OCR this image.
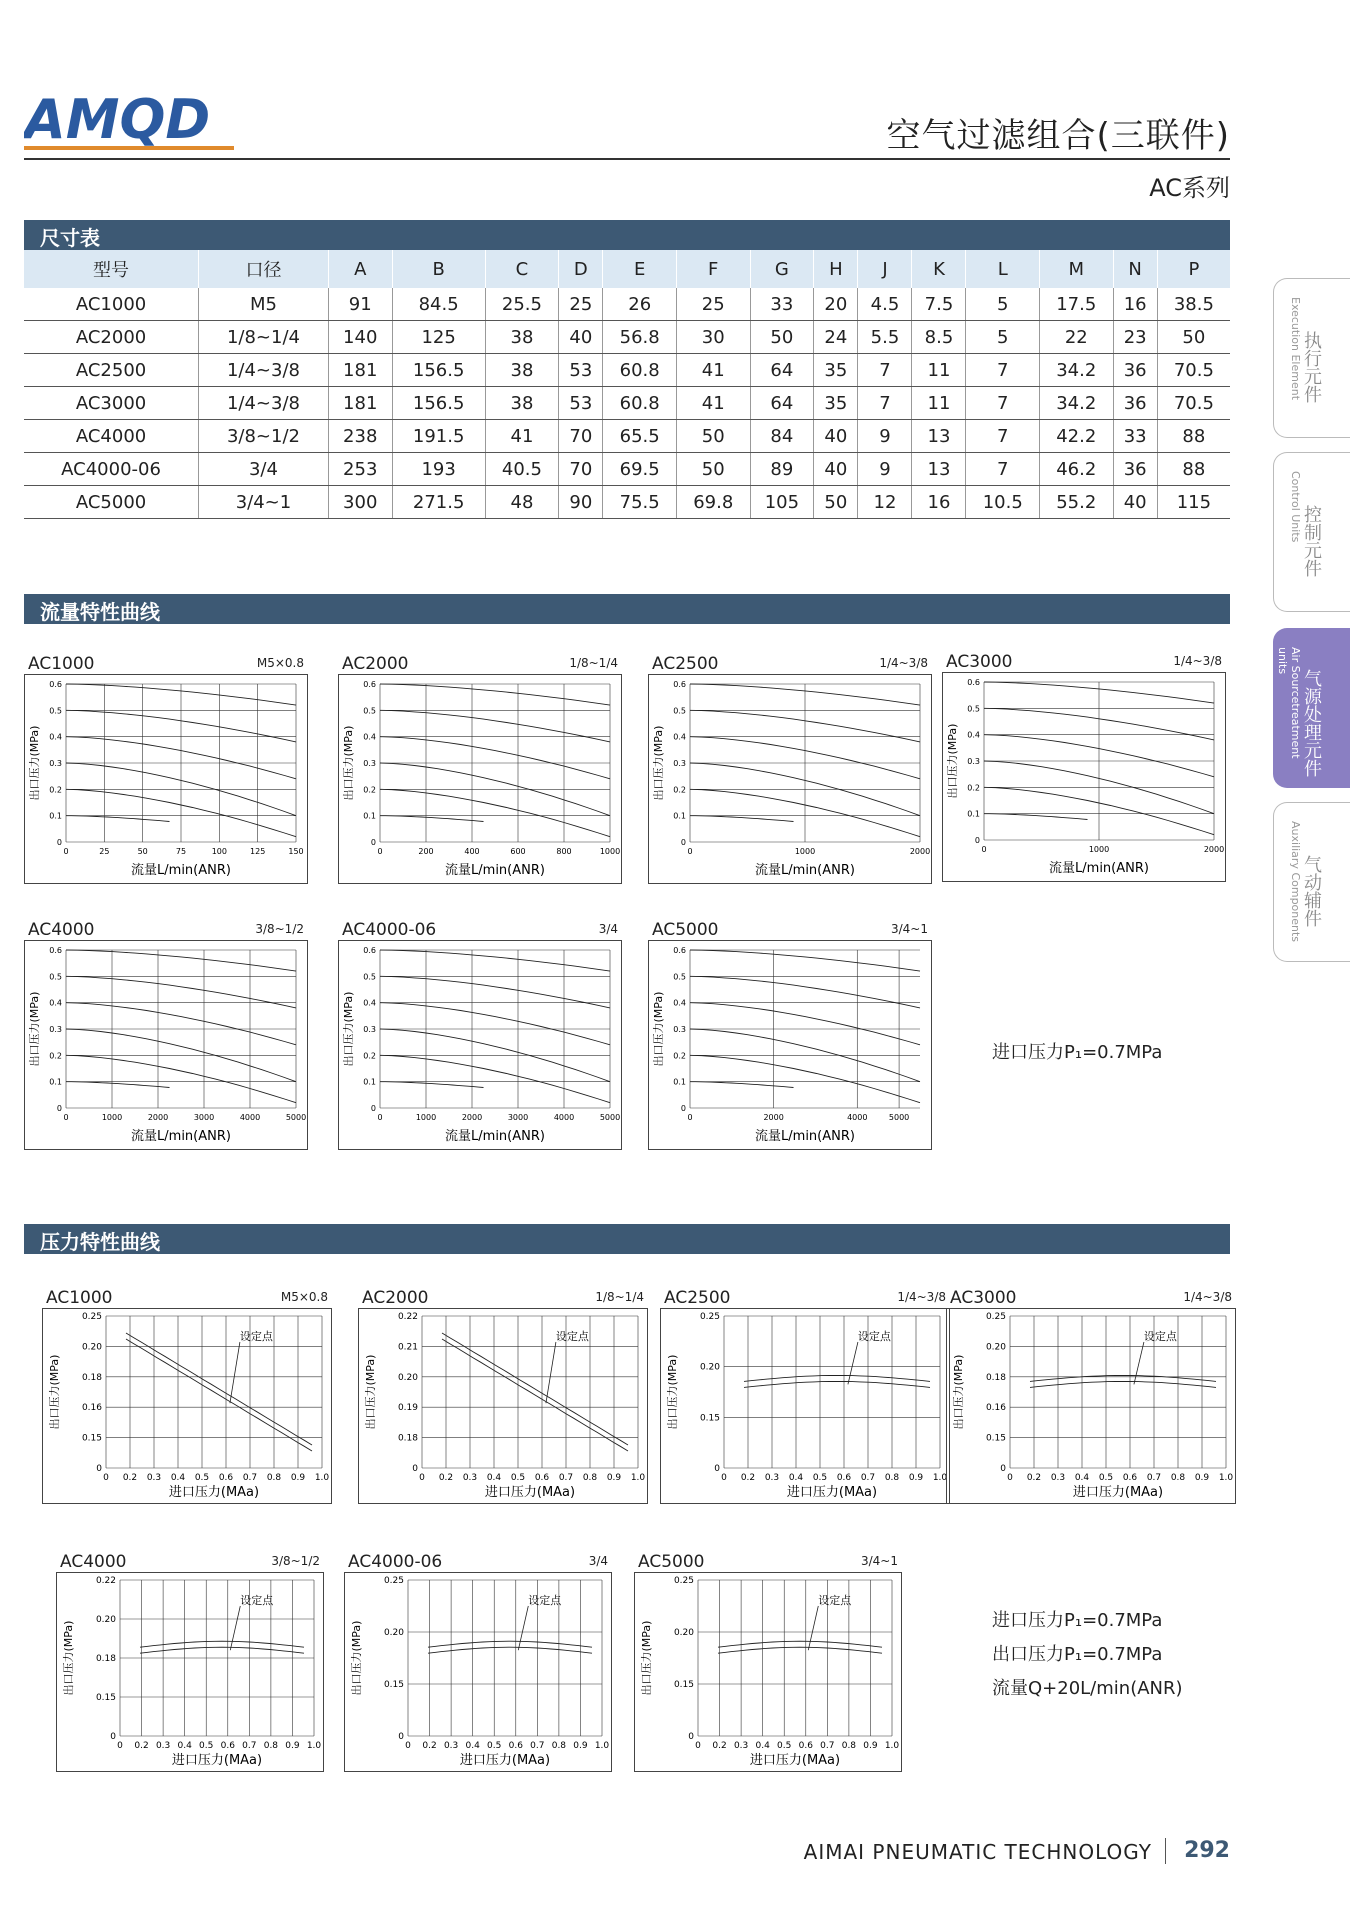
AMQD	空气过滤组合(三联件)
AC系列
尺寸表
型号	口径	A	B	C	D	E	F	G	H	J	K	L	M	N	P
AC1000	M5	91	84.5	25.5	25	26	25	33	20	4.5	7.5	5	17.5	16	38.5
AC2000	1/8~1/4	140	125	38	40	56.8	30	50	24	5.5	8.5	5	22	23	50
AC2500	1/4~3/8	181	156.5	38	53	60.8	41	64	35	7	11	7	34.2	36	70.5
AC3000	1/4~3/8	181	156.5	38	53	60.8	41	64	35	7	11	7	34.2	36	70.5
AC4000	3/8~1/2	238	191.5	41	70	65.5	50	84	40	9	13	7	42.2	33	88
AC4000-06	3/4	253	193	40.5	70	69.5	50	89	40	9	13	7	46.2	36	88
AC5000	3/4~1	300	271.5	48	90	75.5	69.8	105	50	12	16	10.5	55.2	40	115
流量特性曲线
AC1000	M5×0.8
0
0.1
0.2
0.3
0.4
0.5
0.6
0	25	50	75	100	125	150
出口压力(MPa)
流量L/min(ANR)
AC2000	1/8~1/4
0
0.1
0.2
0.3
0.4
0.5
0.6
0	200	400	600	800	1000
出口压力(MPa)
流量L/min(ANR)
AC2500	1/4~3/8
0
0.1
0.2
0.3
0.4
0.5
0.6
0	1000	2000
出口压力(MPa)
流量L/min(ANR)
AC3000	1/4~3/8
0
0.1
0.2
0.3
0.4
0.5
0.6
0	1000	2000
出口压力(MPa)
流量L/min(ANR)
AC4000	3/8~1/2
0
0.1
0.2
0.3
0.4
0.5
0.6
0	1000	2000	3000	4000	5000
出口压力(MPa)
流量L/min(ANR)
AC4000-06	3/4
0
0.1
0.2
0.3
0.4
0.5
0.6
0	1000	2000	3000	4000	5000
出口压力(MPa)
流量L/min(ANR)
AC5000	3/4~1
0
0.1
0.2
0.3
0.4
0.5
0.6
0	2000	4000	5000
出口压力(MPa)
流量L/min(ANR)
进口压力P₁=0.7MPa
压力特性曲线
AC1000	M5×0.8
0
0.15
0.16
0.18
0.20
0.25
0 0.2 0.3 0.4 0.5 0.6 0.7 0.8 0.9 1.0
设定点
出口压力(MPa)
进口压力(MAa)
AC2000	1/8~1/4
0
0.18
0.19
0.20
0.21
0.22
0 0.2 0.3 0.4 0.5 0.6 0.7 0.8 0.9 1.0
设定点
出口压力(MPa)
进口压力(MAa)
AC2500	1/4~3/8
0
0.15
0.20
0.25
0 0.2 0.3 0.4 0.5 0.6 0.7 0.8 0.9 1.0
设定点
出口压力(MPa)
进口压力(MAa)
AC3000	1/4~3/8
0
0.15
0.16
0.18
0.20
0.25
0 0.2 0.3 0.4 0.5 0.6 0.7 0.8 0.9 1.0
设定点
出口压力(MPa)
进口压力(MAa)
AC4000	3/8~1/2
0
0.15
0.18
0.20
0.22
0 0.2 0.3 0.4 0.5 0.6 0.7 0.8 0.9 1.0
设定点
出口压力(MPa)
进口压力(MAa)
AC4000-06	3/4
0
0.15
0.20
0.25
0 0.2 0.3 0.4 0.5 0.6 0.7 0.8 0.9 1.0
设定点
出口压力(MPa)
进口压力(MAa)
AC5000	3/4~1
0
0.15
0.20
0.25
0 0.2 0.3 0.4 0.5 0.6 0.7 0.8 0.9 1.0
设定点
出口压力(MPa)
进口压力(MAa)
进口压力P₁=0.7MPa
出口压力P₁=0.7MPa
流量Q+20L/min(ANR)
执行元件
Execution Element
控制元件
Control Units
气源处理元件
Air Sourcetreatment units
气动辅件
Auxiliary Components
AIMAI PNEUMATIC TECHNOLOGY 292
